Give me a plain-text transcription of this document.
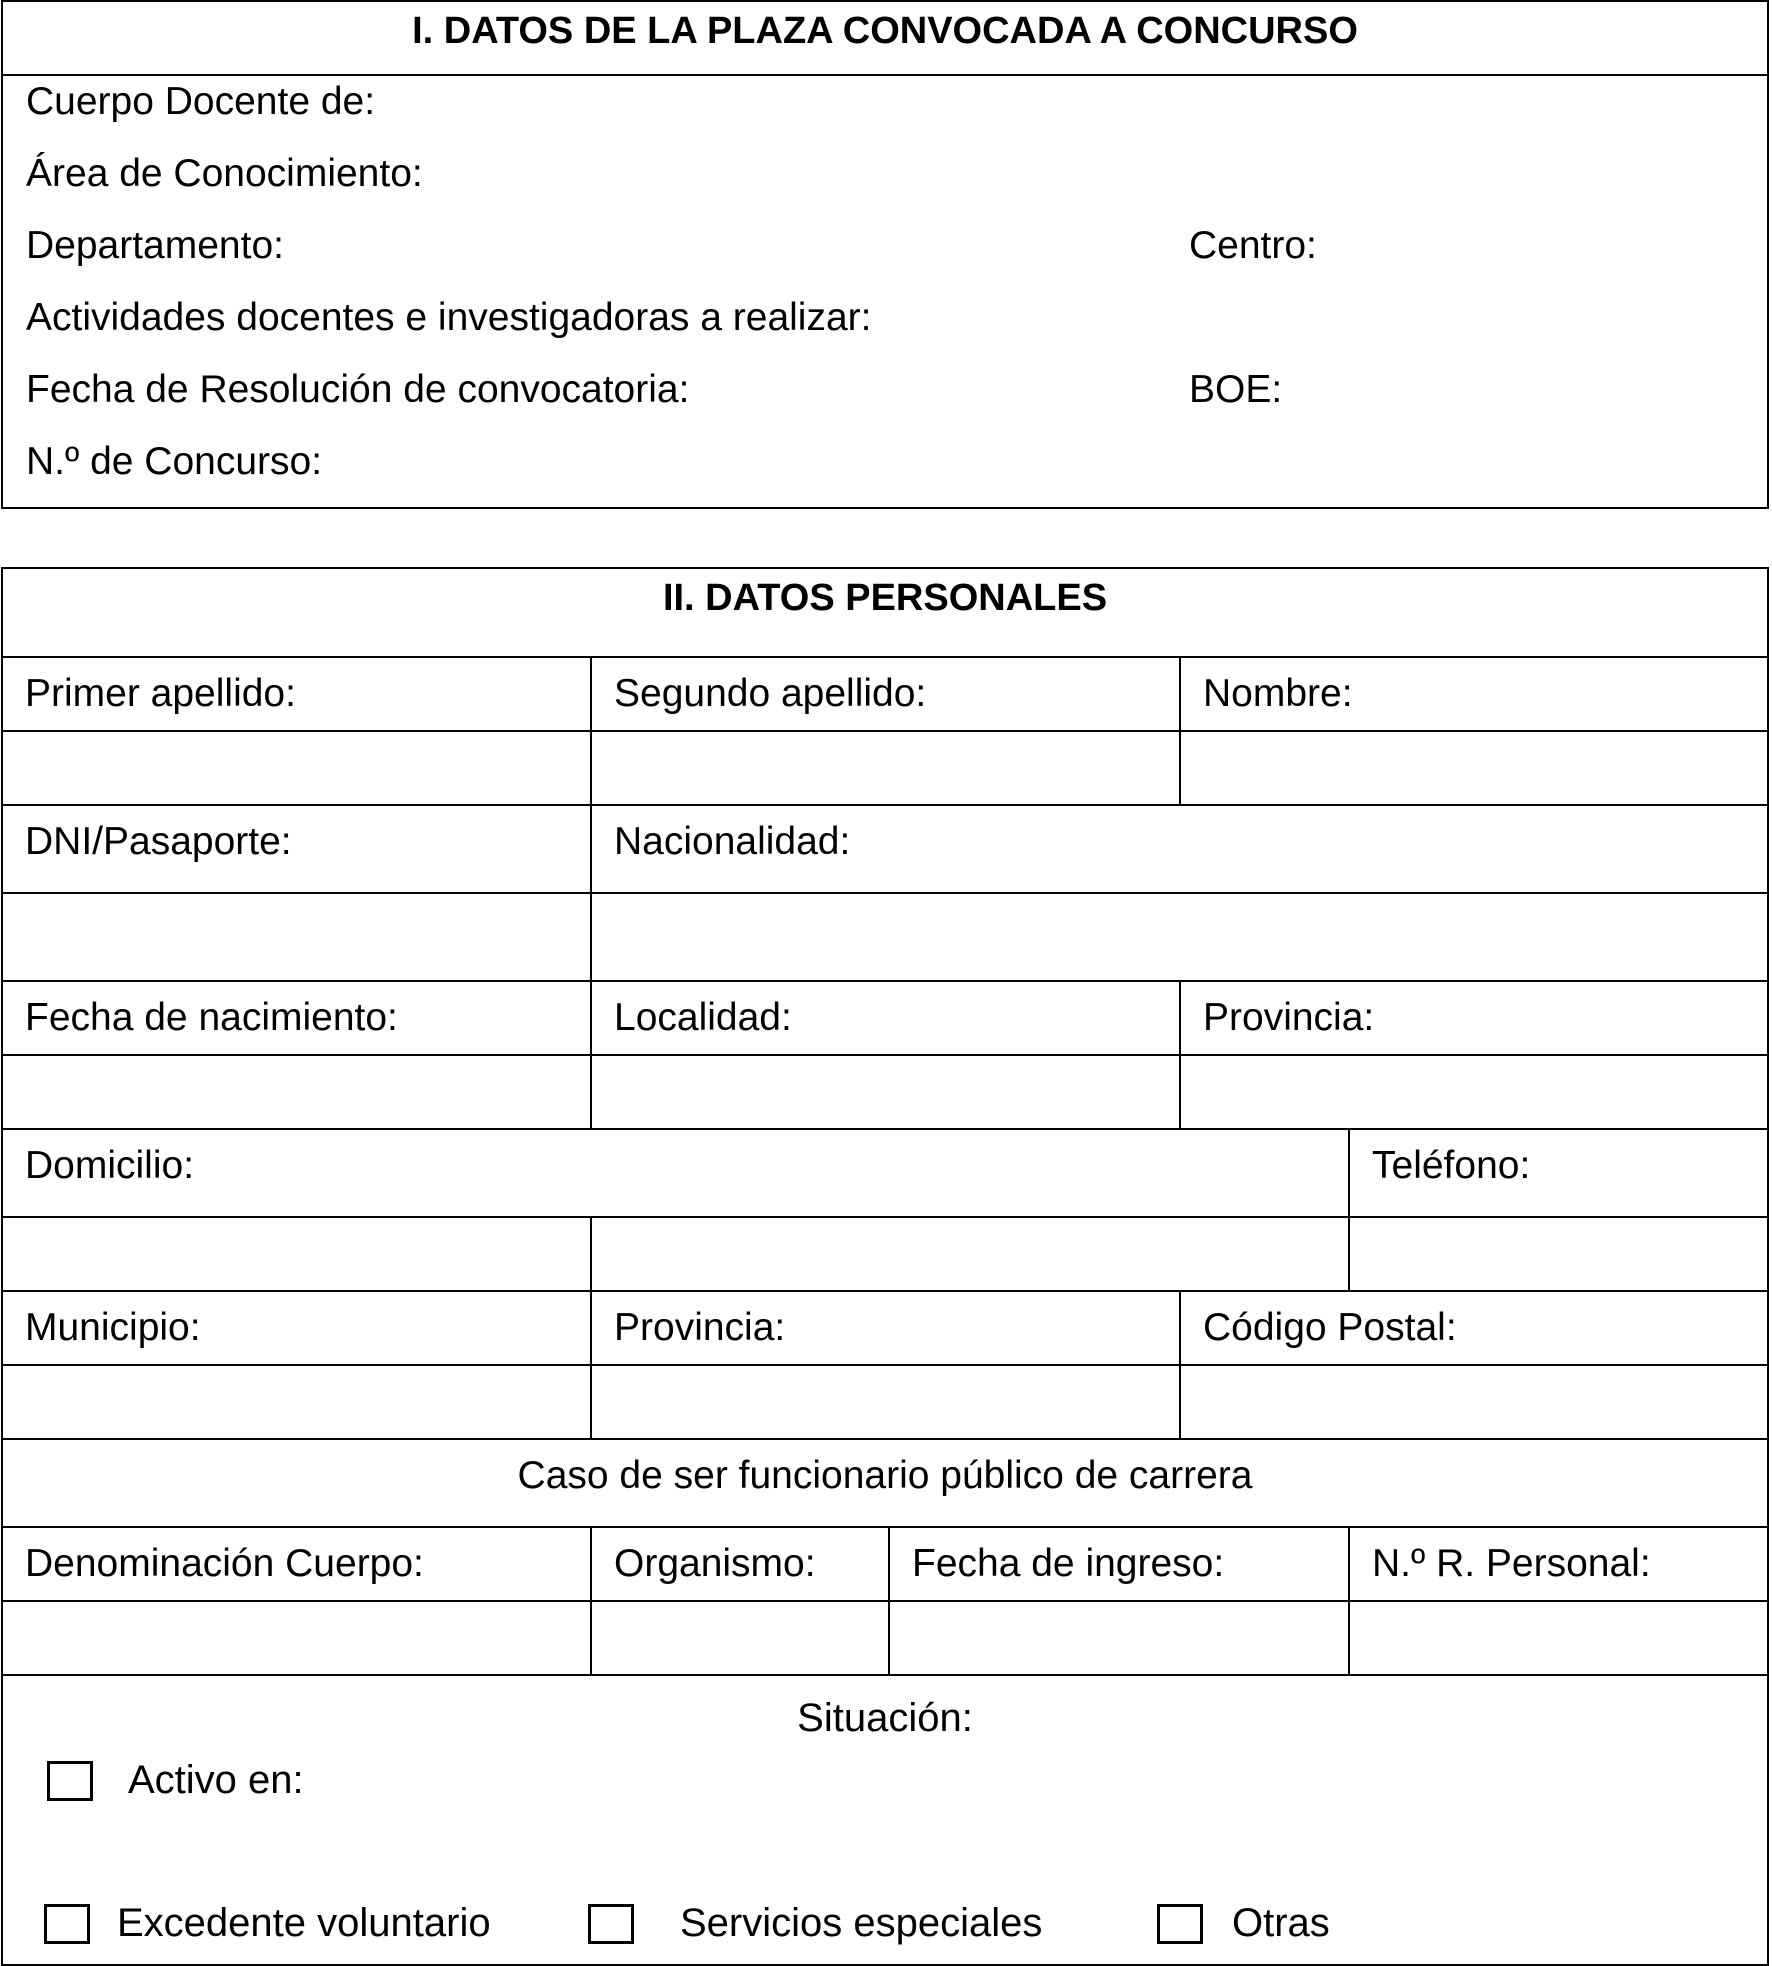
I. DATOS DE LA PLAZA CONVOCADA A CONCURSO
Cuerpo Docente de:
Área de Conocimiento:
Departamento:	Centro:
Actividades docentes e investigadoras a realizar:
Fecha de Resolución de convocatoria:	BOE:
N.º de Concurso:
II. DATOS PERSONALES
Primer apellido:	Segundo apellido:	Nombre:
DNI/Pasaporte:	Nacionalidad:
Fecha de nacimiento:	Localidad:	Provincia:
Domicilio:	Teléfono:
Municipio:	Provincia:	Código Postal:
Caso de ser funcionario público de carrera
Denominación Cuerpo:	Organismo:	Fecha de ingreso:	N.º R. Personal:
Situación:
Activo en:
Excedente voluntario	Servicios especiales	Otras
